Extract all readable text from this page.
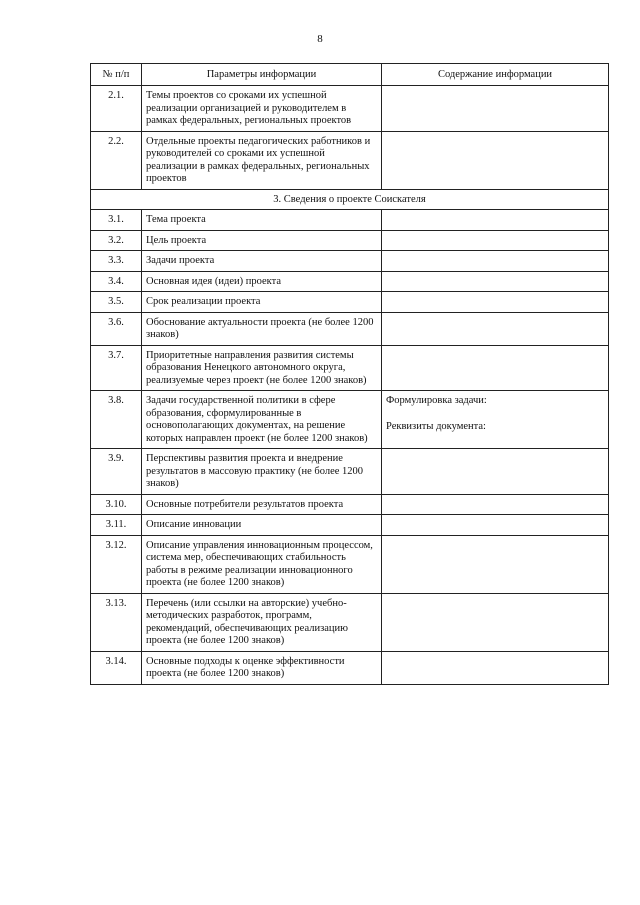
8
№ п/п	Параметры информации	Содержание информации
2.1.	Темы проектов со сроками их успешной реализации организацией и руководителем в рамках федеральных, региональных проектов	
2.2.	Отдельные проекты педагогических работников и руководителей со сроками их успешной реализации в рамках федеральных, региональных проектов	
3. Сведения о проекте Соискателя		
3.1.	Тема проекта	
3.2.	Цель проекта	
3.3.	Задачи проекта	
3.4.	Основная идея (идеи) проекта	
3.5.	Срок реализации проекта	
3.6.	Обоснование актуальности проекта (не более 1200 знаков)	
3.7.	Приоритетные направления развития системы образования Ненецкого автономного округа, реализуемые через проект (не более 1200 знаков)	
3.8.	Задачи государственной политики в сфере образования, сформулированные в основополагающих документах, на решение которых направлен проект (не более 1200 знаков)	Формулировка задачи:
Реквизиты документа:

3.9.	Перспективы развития проекта и внедрение результатов в массовую практику (не более 1200 знаков)	
3.10.	Основные потребители результатов проекта	
3.11.	Описание инновации	
3.12.	Описание управления инновационным процессом, система мер, обеспечивающих стабильность работы в режиме реализации инновационного проекта (не более 1200 знаков)	
3.13.	Перечень (или ссылки на авторские) учебно-методических разработок, программ, рекомендаций, обеспечивающих реализацию проекта (не более 1200 знаков)	
3.14.	Основные подходы к оценке эффективности проекта (не более 1200 знаков)	
